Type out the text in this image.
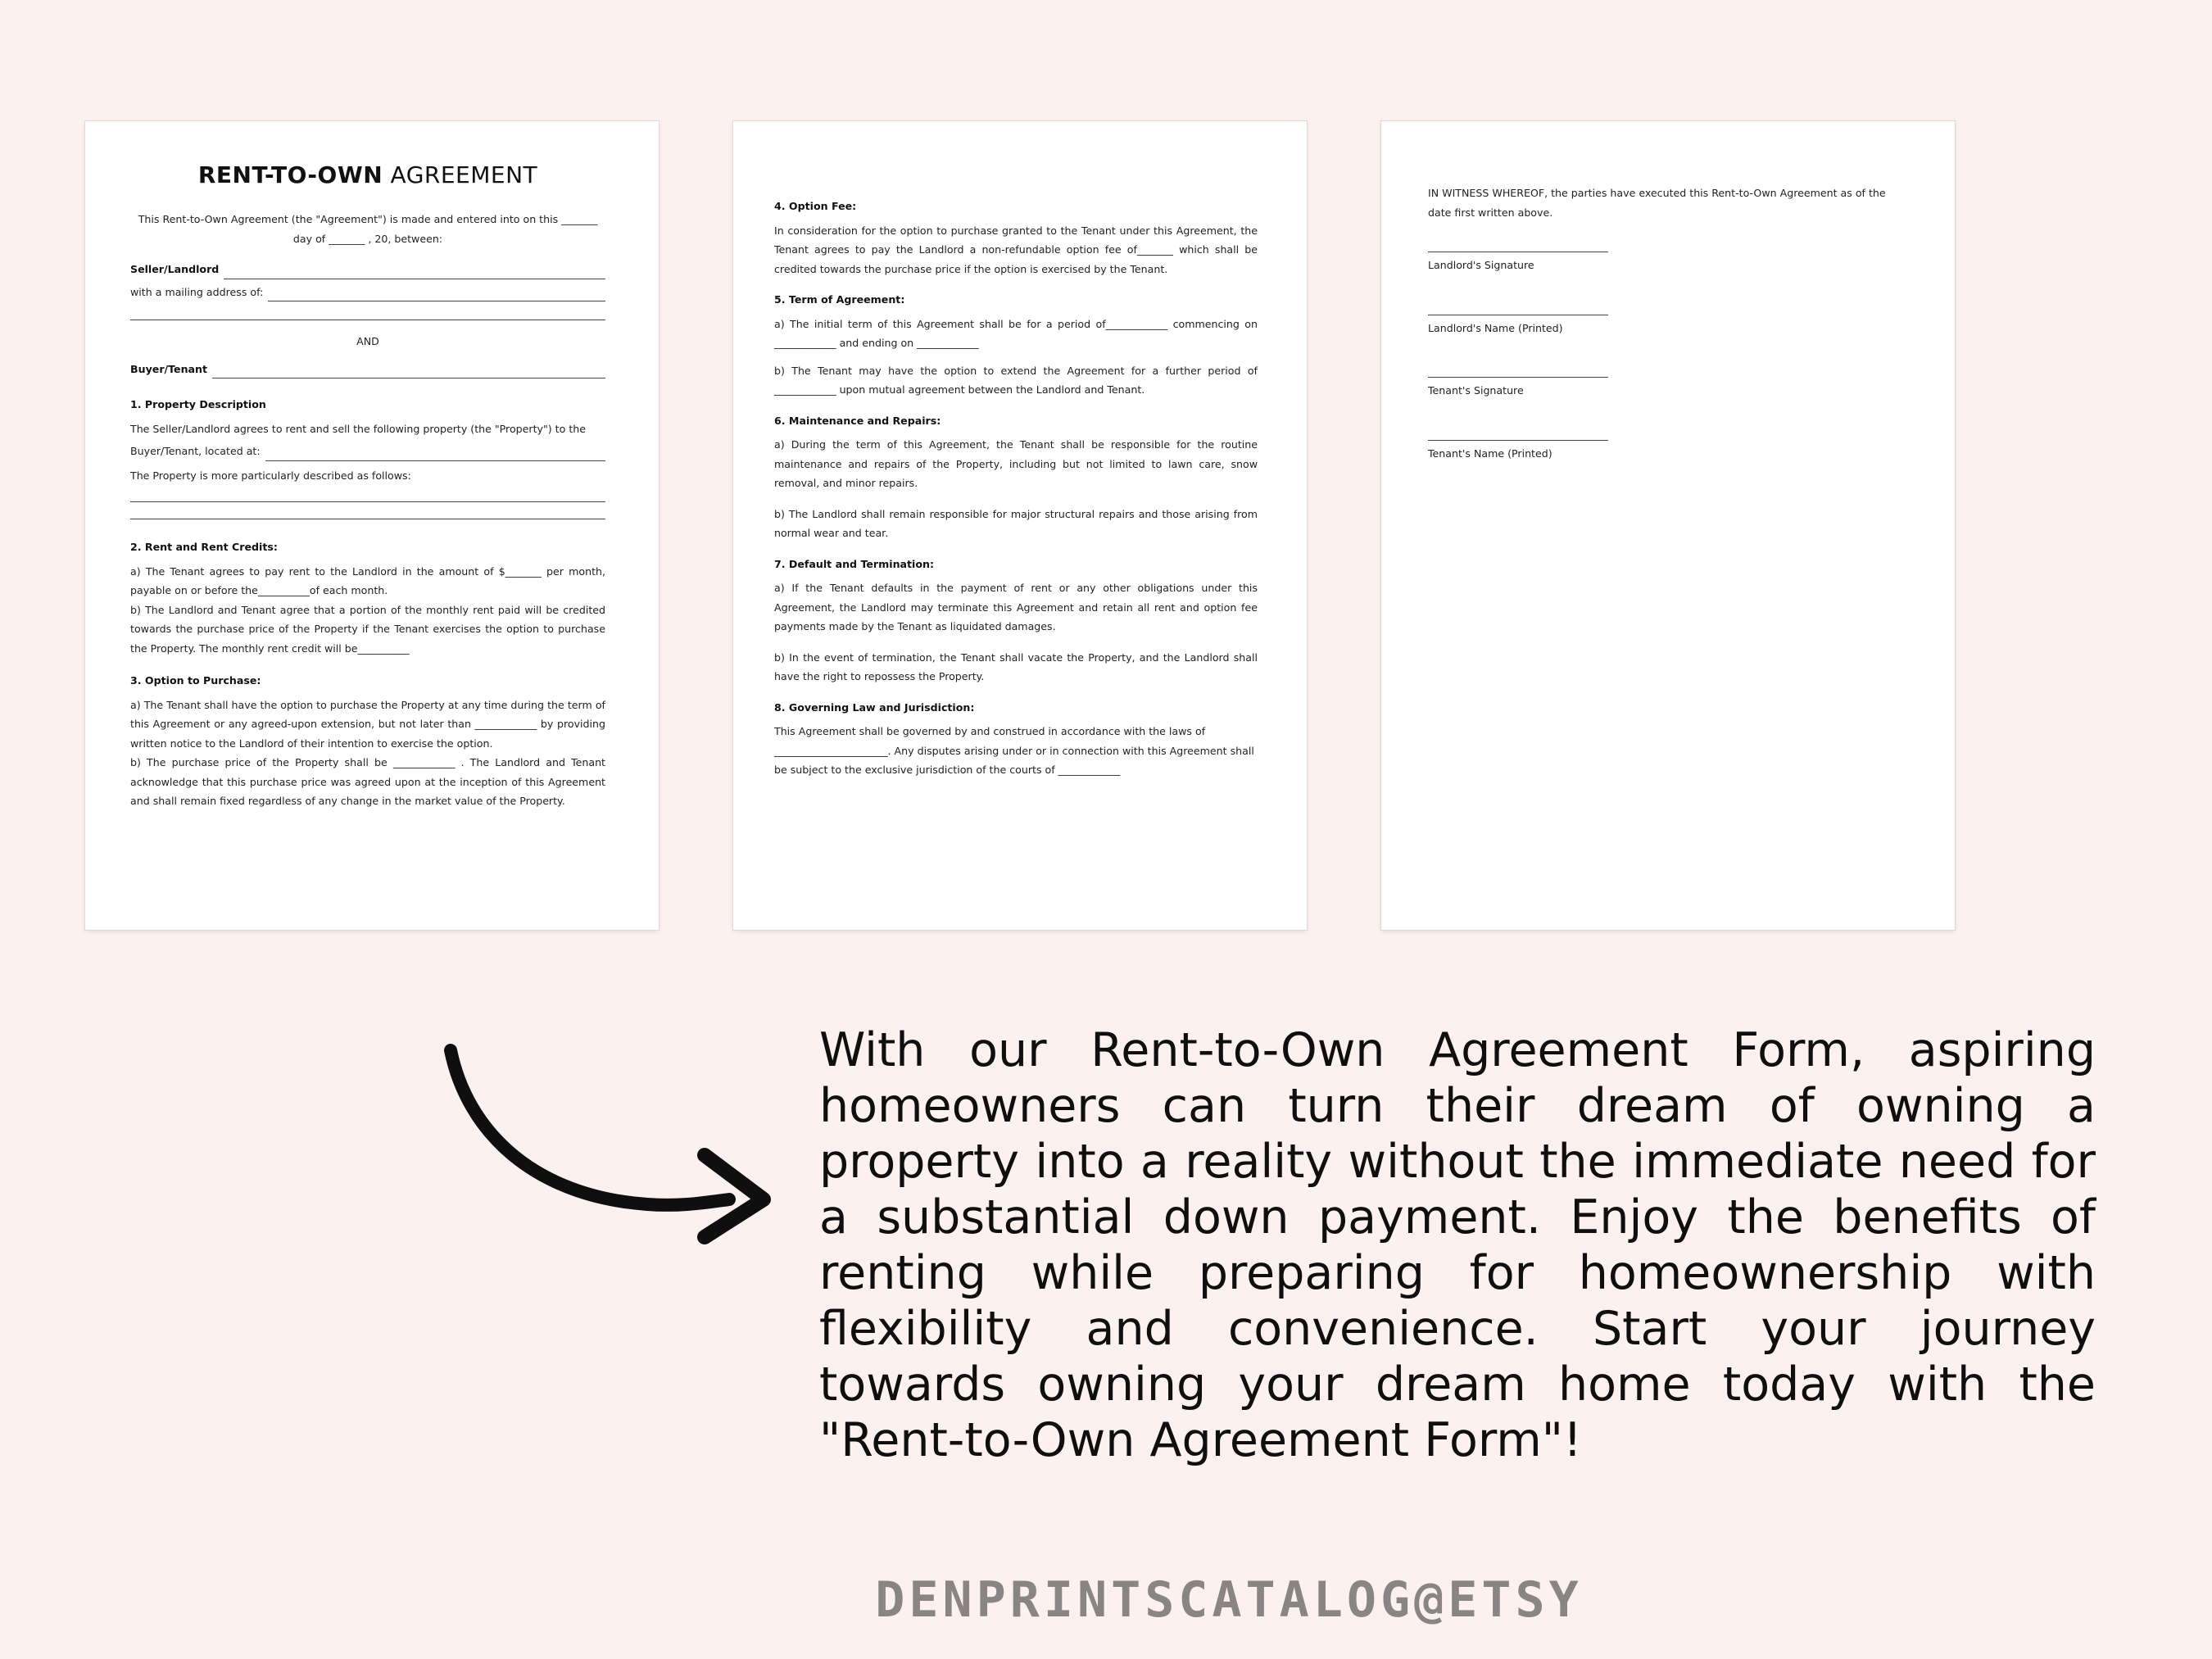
RENT-TO-OWN AGREEMENT
This Rent-to-Own Agreement (the "Agreement") is made and entered into on this _______
day of _______ , 20, between:
Seller/Landlord
with a mailing address of:
AND
Buyer/Tenant
1. Property Description
The Seller/Landlord agrees to rent and sell the following property (the "Property") to the
Buyer/Tenant, located at:
The Property is more particularly described as follows:
2. Rent and Rent Credits:

a) The Tenant agrees to pay rent to the Landlord in the amount of $_______ per month, payable on or before the__________of each month.

b) The Landlord and Tenant agree that a portion of the monthly rent paid will be credited towards the purchase price of the Property if the Tenant exercises the option to purchase the Property. The monthly rent credit will be__________

3. Option to Purchase:

a) The Tenant shall have the option to purchase the Property at any time during the term of this Agreement or any agreed-upon extension, but not later than ____________ by providing written notice to the Landlord of their intention to exercise the option.

b) The purchase price of the Property shall be ____________ . The Landlord and Tenant acknowledge that this purchase price was agreed upon at the inception of this Agreement and shall remain fixed regardless of any change in the market value of the Property.

4. Option Fee:

In consideration for the option to purchase granted to the Tenant under this Agreement, the Tenant agrees to pay the Landlord a non-refundable option fee of_______ which shall be credited towards the purchase price if the option is exercised by the Tenant.

5. Term of Agreement:

a) The initial term of this Agreement shall be for a period of____________ commencing on ____________ and ending on ____________

b) The Tenant may have the option to extend the Agreement for a further period of ____________ upon mutual agreement between the Landlord and Tenant.

6. Maintenance and Repairs:

a) During the term of this Agreement, the Tenant shall be responsible for the routine maintenance and repairs of the Property, including but not limited to lawn care, snow removal, and minor repairs.

b) The Landlord shall remain responsible for major structural repairs and those arising from normal wear and tear.

7. Default and Termination:

a) If the Tenant defaults in the payment of rent or any other obligations under this Agreement, the Landlord may terminate this Agreement and retain all rent and option fee payments made by the Tenant as liquidated damages.

b) In the event of termination, the Tenant shall vacate the Property, and the Landlord shall have the right to repossess the Property.

8. Governing Law and Jurisdiction:

This Agreement shall be governed by and construed in accordance with the laws of ______________________. Any disputes arising under or in connection with this Agreement shall be subject to the exclusive jurisdiction of the courts of ____________

IN WITNESS WHEREOF, the parties have executed this Rent-to-Own Agreement as of the date first written above.

Landlord's Signature
Landlord's Name (Printed)
Tenant's Signature
Tenant's Name (Printed)

With our Rent-to-Own Agreement Form, aspiring homeowners can turn their dream of owning a property into a reality without the immediate need for a substantial down payment. Enjoy the benefits of renting while preparing for homeownership with flexibility and convenience. Start your journey towards owning your dream home today with the "Rent-to-Own Agreement Form"!

DENPRINTSCATALOG@ETSY
